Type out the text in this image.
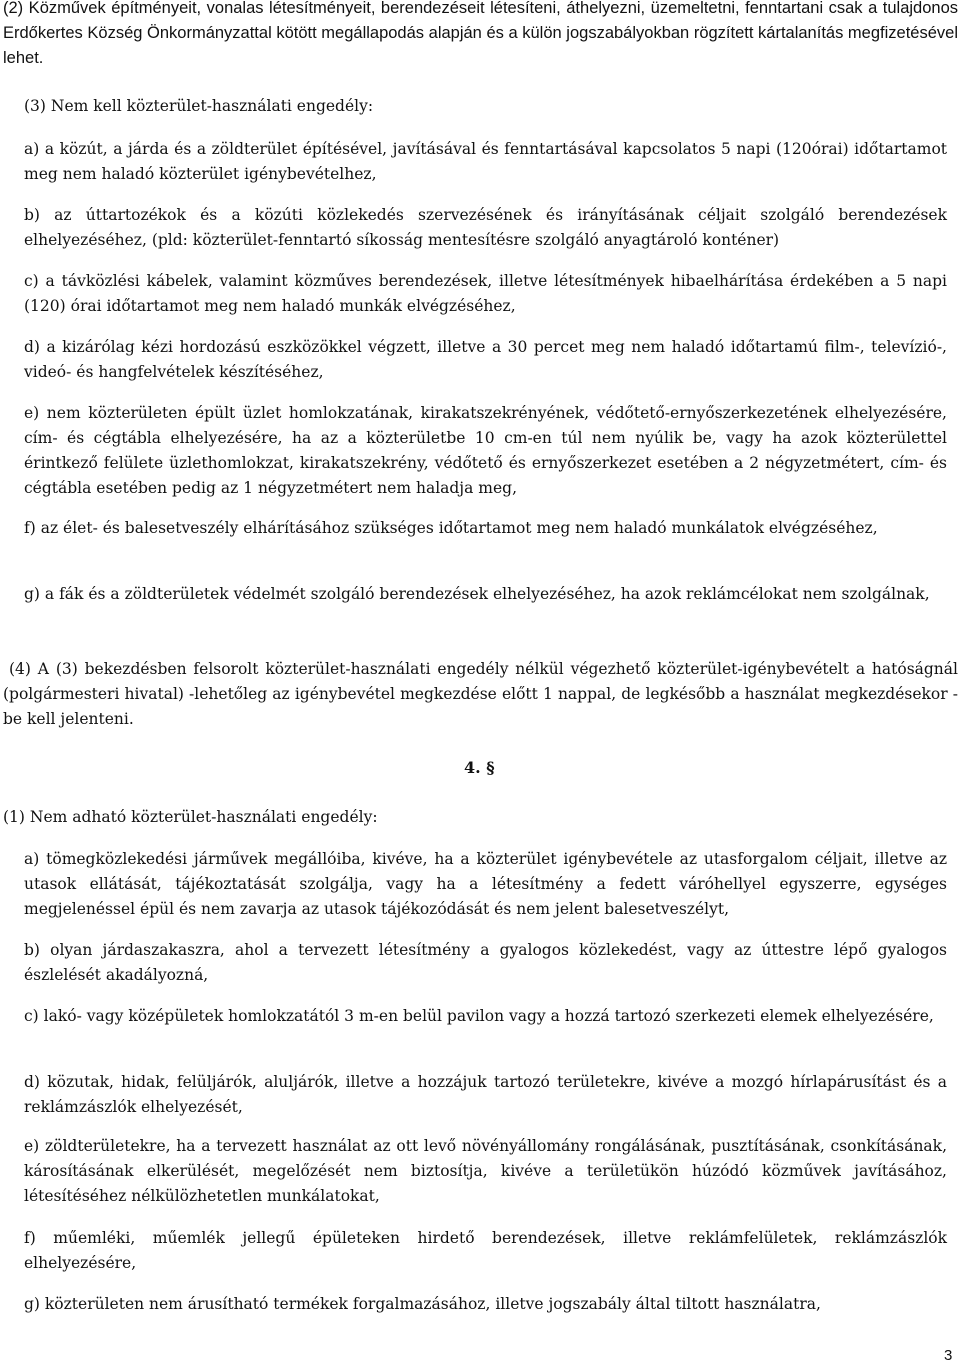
(2) Közművek építményeit, vonalas létesítményeit, berendezéseit létesíteni, áthelyezni, üzemeltetni, fenntartani csak a tulajdonos Erdőkertes Község Önkormányzattal kötött megállapodás alapján és a külön jogszabályokban rögzített kártalanítás megfizetésével lehet.

(3) Nem kell közterület-használati engedély:

a) a közút, a járda és a zöldterület építésével, javításával és fenntartásával kapcsolatos 5 napi (120órai) időtartamot meg nem haladó közterület igénybevételhez,

b) az úttartozékok és a közúti közlekedés szervezésének és irányításának céljait szolgáló berendezések elhelyezéséhez, (pld: közterület-fenntartó síkosság mentesítésre szolgáló anyagtároló konténer)

c) a távközlési kábelek, valamint közműves berendezések, illetve létesítmények hibaelhárítása érdekében a 5 napi (120) órai időtartamot meg nem haladó munkák elvégzéséhez,

d) a kizárólag kézi hordozású eszközökkel végzett, illetve a 30 percet meg nem haladó időtartamú film-, televízió-, videó- és hangfelvételek készítéséhez,

e) nem közterületen épült üzlet homlokzatának, kirakatszekrényének, védőtető-ernyőszerkezetének elhelyezésére, cím- és cégtábla elhelyezésére, ha az a közterületbe 10 cm-en túl nem nyúlik be, vagy ha azok közterülettel érintkező felülete üzlethomlokzat, kirakatszekrény, védőtető és ernyőszerkezet esetében a 2 négyzetmétert, cím- és cégtábla esetében pedig az 1 négyzetmétert nem haladja meg,

f) az élet- és balesetveszély elhárításához szükséges időtartamot meg nem haladó munkálatok elvégzéséhez,

g) a fák és a zöldterületek védelmét szolgáló berendezések elhelyezéséhez, ha azok reklámcélokat nem szolgálnak,

(4) A (3) bekezdésben felsorolt közterület-használati engedély nélkül végezhető közterület-igénybevételt a hatóságnál (polgármesteri hivatal) -lehetőleg az igénybevétel megkezdése előtt 1 nappal, de legkésőbb a használat megkezdésekor -be kell jelenteni.

4. §

(1) Nem adható közterület-használati engedély:

a) tömegközlekedési járművek megállóiba, kivéve, ha a közterület igénybevétele az utasforgalom céljait, illetve az utasok ellátását, tájékoztatását szolgálja, vagy ha a létesítmény a fedett váróhellyel egyszerre, egységes megjelenéssel épül és nem zavarja az utasok tájékozódását és nem jelent balesetveszélyt,

b) olyan járdaszakaszra, ahol a tervezett létesítmény a gyalogos közlekedést, vagy az úttestre lépő gyalogos észlelését akadályozná,

c) lakó- vagy középületek homlokzatától 3 m-en belül pavilon vagy a hozzá tartozó szerkezeti elemek elhelyezésére,

d) közutak, hidak, felüljárók, aluljárók, illetve a hozzájuk tartozó területekre, kivéve a mozgó hírlapárusítást és a reklámzászlók elhelyezését,

e) zöldterületekre, ha a tervezett használat az ott levő növényállomány rongálásának, pusztításának, csonkításának, károsításának elkerülését, megelőzését nem biztosítja, kivéve a területükön húzódó közművek javításához, létesítéséhez nélkülözhetetlen munkálatokat,

f) műemléki, műemlék jellegű épületeken hirdető berendezések, illetve reklámfelületek, reklámzászlók elhelyezésére,

g) közterületen nem árusítható termékek forgalmazásához, illetve jogszabály által tiltott használatra,

3
